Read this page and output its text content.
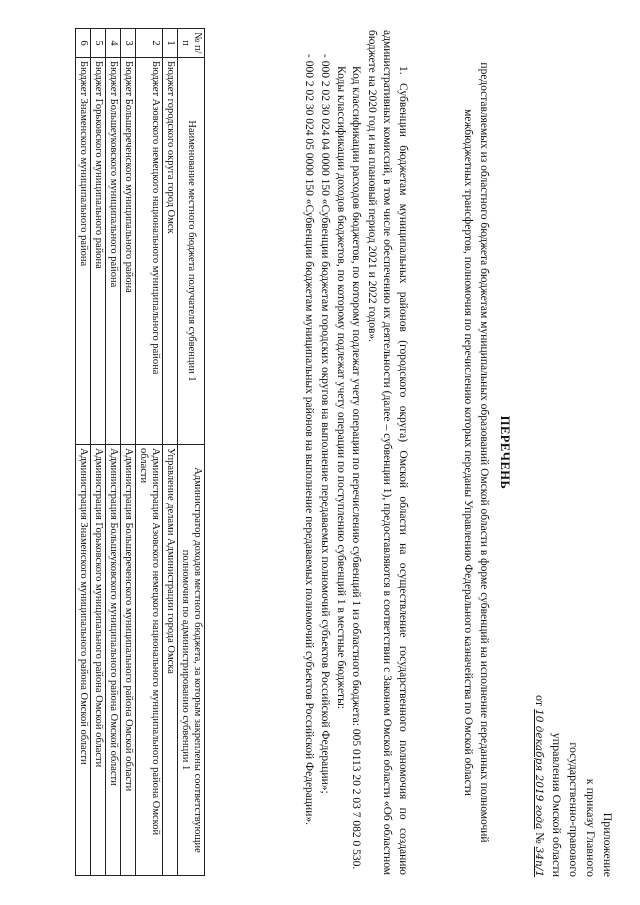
Приложение
к приказу Главного
государственно-правового
управления Омской области
от 10 декабря 2019 года № 34п/1
ПЕРЕЧЕНЬ
предоставляемых из областного бюджета бюджетам муниципальных образований Омской области в форме субвенций на исполнение переданных полномочий межбюджетных трансфертов, полномочия по перечислению которых переданы Управлению Федерального казначейства по Омской области

1. Субвенции бюджетам муниципальных районов (городского округа) Омской области на осуществление государственного полномочия по созданию административных комиссий, в том числе обеспечению их деятельности (далее – субвенции 1), предоставляются в соответствии с Законом Омской области «Об областном бюджете на 2020 год и на плановый период 2021 и 2022 годов».

Код классификации расходов бюджетов, по которому подлежат учету операции по перечислению субвенций 1 из областного бюджета: 005 0113 20 2 03 7 082 0 530.

Коды классификации доходов бюджетов, по которому подлежат учету операции по поступлению субвенций 1 в местные бюджеты:

- 000 2 02 30 024 04 0000 150 «Субвенции бюджетам городских округов на выполнение передаваемых полномочий субъектов Российской Федерации»;

- 000 2 02 30 024 05 0000 150 «Субвенции бюджетам муниципальных районов на выполнение передаваемых полномочий субъектов Российской Федерации».

№ п/п	Наименование местного бюджета получателя субвенции 1	Администратор доходов местного бюджета, за которым закреплены соответствующие полномочия по администрированию субвенции 1
1	Бюджет городского округа город Омск	Управление делами Администрации города Омска
2	Бюджет Азовского немецкого национального муниципального района	Администрация Азовского немецкого национального муниципального района Омской области
3	Бюджет Большереченского муниципального района	Администрация Большереченского муниципального района Омской области
4	Бюджет Большеуковского муниципального района	Администрация Большеуковского муниципального района Омской области
5	Бюджет Горьковского муниципального района	Администрация Горьковского муниципального района Омской области
6	Бюджет Знаменского муниципального района	Администрация Знаменского муниципального района Омской области
